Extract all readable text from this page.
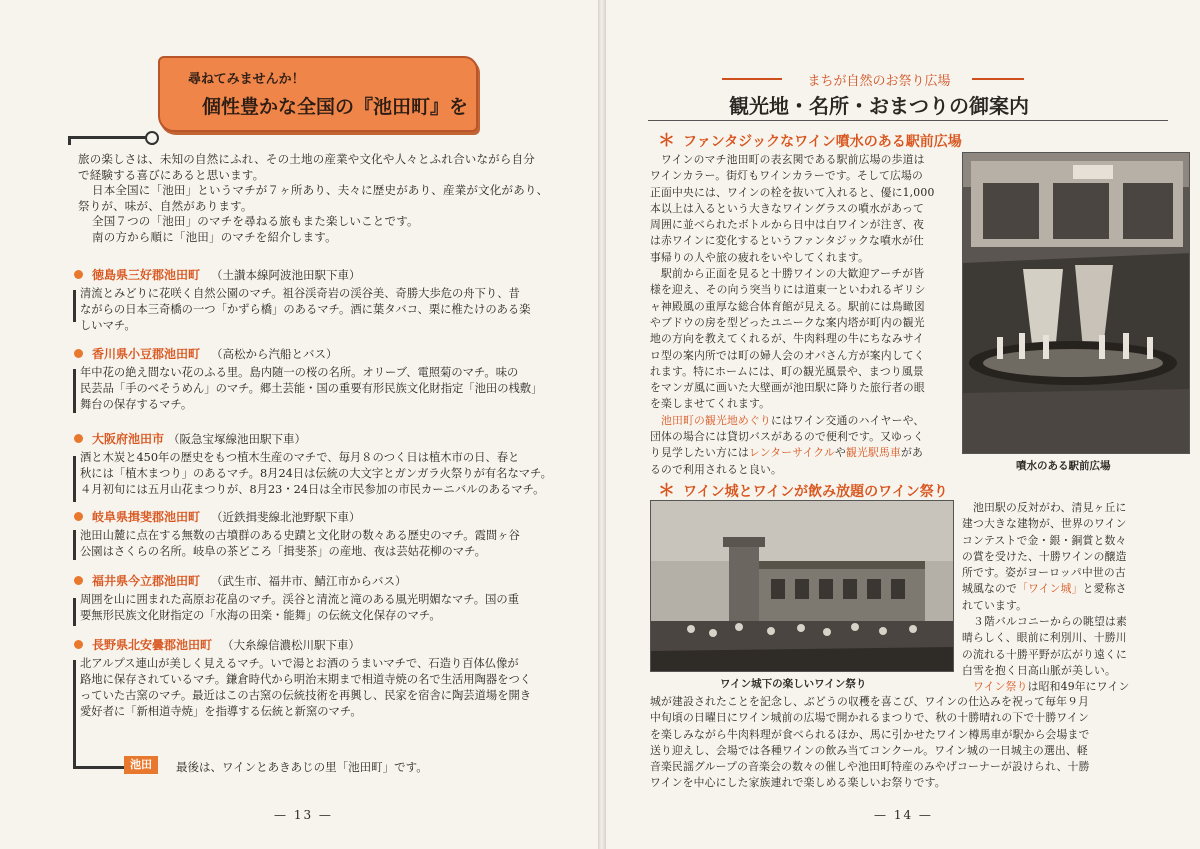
尋ねてみませんか！
個性豊かな全国の『池田町』を
旅の楽しさは、未知の自然にふれ、その土地の産業や文化や人々とふれ合いながら自分
で経験する喜びにあると思います。
日本全国に「池田」というマチが７ヶ所あり、夫々に歴史があり、産業が文化があり、
祭りが、味が、自然があります。
全国７つの「池田」のマチを尋ねる旅もまた楽しいことです。
南の方から順に「池田」のマチを紹介します。
徳島県三好郡池田町 （土讃本線阿波池田駅下車）
清流とみどりに花咲く自然公園のマチ。祖谷渓奇岩の渓谷美、奇勝大歩危の舟下り、昔
ながらの日本三奇橋の一つ「かずら橋」のあるマチ。酒に葉タバコ、栗に椎たけのある楽
しいマチ。
香川県小豆郡池田町 （高松から汽船とバス）
年中花の絶え間ない花のふる里。島内随一の桜の名所。オリーブ、電照菊のマチ。味の
民芸品「手のべそうめん」のマチ。郷土芸能・国の重要有形民族文化財指定「池田の桟敷」
舞台の保存するマチ。
大阪府池田市 （阪急宝塚線池田駅下車）
酒と木炭と450年の歴史をもつ植木生産のマチで、毎月８のつく日は植木市の日、春と
秋には「植木まつり」のあるマチ。8月24日は伝統の大文字とガンガラ火祭りが有名なマチ。
４月初旬には五月山花まつりが、8月23・24日は全市民参加の市民カーニバルのあるマチ。
岐阜県揖斐郡池田町 （近鉄揖斐線北池野駅下車）
池田山麓に点在する無数の古墳群のある史蹟と文化財の数々ある歴史のマチ。霞間ヶ谷
公園はさくらの名所。岐阜の茶どころ「揖斐茶」の産地、夜は芸姑花柳のマチ。
福井県今立郡池田町 （武生市、福井市、鯖江市からバス）
周囲を山に囲まれた高原お花畠のマチ。渓谷と清流と滝のある風光明媚なマチ。国の重
要無形民族文化財指定の「水海の田楽・能舞」の伝統文化保存のマチ。
長野県北安曇郡池田町 （大糸線信濃松川駅下車）
北アルプス連山が美しく見えるマチ。いで湯とお酒のうまいマチで、石造り百体仏像が
路地に保存されているマチ。鎌倉時代から明治末期まで相道寺焼の名で生活用陶器をつく
っていた古窯のマチ。最近はこの古窯の伝統技術を再興し、民家を宿舎に陶芸道場を開き
愛好者に「新相道寺焼」を指導する伝統と新窯のマチ。
池田	最後は、ワインとあきあじの里「池田町」です。
— 13 —
まちが自然のお祭り広場
観光地・名所・おまつりの御案内
＊ ファンタジックなワイン噴水のある駅前広場
ワインのマチ池田町の表玄関である駅前広場の歩道は
ワインカラー。街灯もワインカラーです。そして広場の
正面中央には、ワインの栓を抜いて入れると、優に1,000
本以上は入るという大きなワイングラスの噴水があって
周囲に並べられたボトルから日中は白ワインが注ぎ、夜
は赤ワインに変化するというファンタジックな噴水が仕
事帰りの人や旅の疲れをいやしてくれます。
駅前から正面を見ると十勝ワインの大歓迎アーチが皆
様を迎え、その向う突当りには道東一といわれるギリシ
ャ神殿風の重厚な総合体育館が見える。駅前には鳥瞰図
やブドウの房を型どったユニークな案内塔が町内の観光
地の方向を教えてくれるが、牛肉料理の牛にちなみサイ
ロ型の案内所では町の婦人会のオバさん方が案内してく
れます。特にホームには、町の観光風景や、まつり風景
をマンガ風に画いた大壁画が池田駅に降りた旅行者の眼
を楽しませてくれます。
池田町の観光地めぐりにはワイン交通のハイヤーや、
団体の場合には貸切バスがあるので便利です。又ゆっく
り見学したい方にはレンターサイクルや観光駅馬車があ
るので利用されると良い。	噴水のある駅前広場
＊ ワイン城とワインが飲み放題のワイン祭り
ワイン城下の楽しいワイン祭り
池田駅の反対がわ、清見ヶ丘に
建つ大きな建物が、世界のワイン
コンテストで金・銀・銅賞と数々
の賞を受けた、十勝ワインの醸造
所です。姿がヨーロッパ中世の古
城風なので「ワイン城」と愛称さ
れています。
３階バルコニーからの眺望は素
晴らしく、眼前に利別川、十勝川
の流れる十勝平野が広がり遠くに
白雪を抱く日高山脈が美しい。
ワイン祭りは昭和49年にワイン
城が建設されたことを記念し、ぶどうの収穫を喜こび、ワインの仕込みを祝って毎年９月
中旬頃の日曜日にワイン城前の広場で開かれるまつりで、秋の十勝晴れの下で十勝ワイン
を楽しみながら牛肉料理が食べられるほか、馬に引かせたワイン樽馬車が駅から会場まで
送り迎えし、会場では各種ワインの飲み当てコンクール。ワイン城の一日城主の選出、軽
音楽民謡グループの音楽会の数々の催しや池田町特産のみやげコーナーが設けられ、十勝
ワインを中心にした家族連れで楽しめる楽しいお祭りです。
— 14 —
